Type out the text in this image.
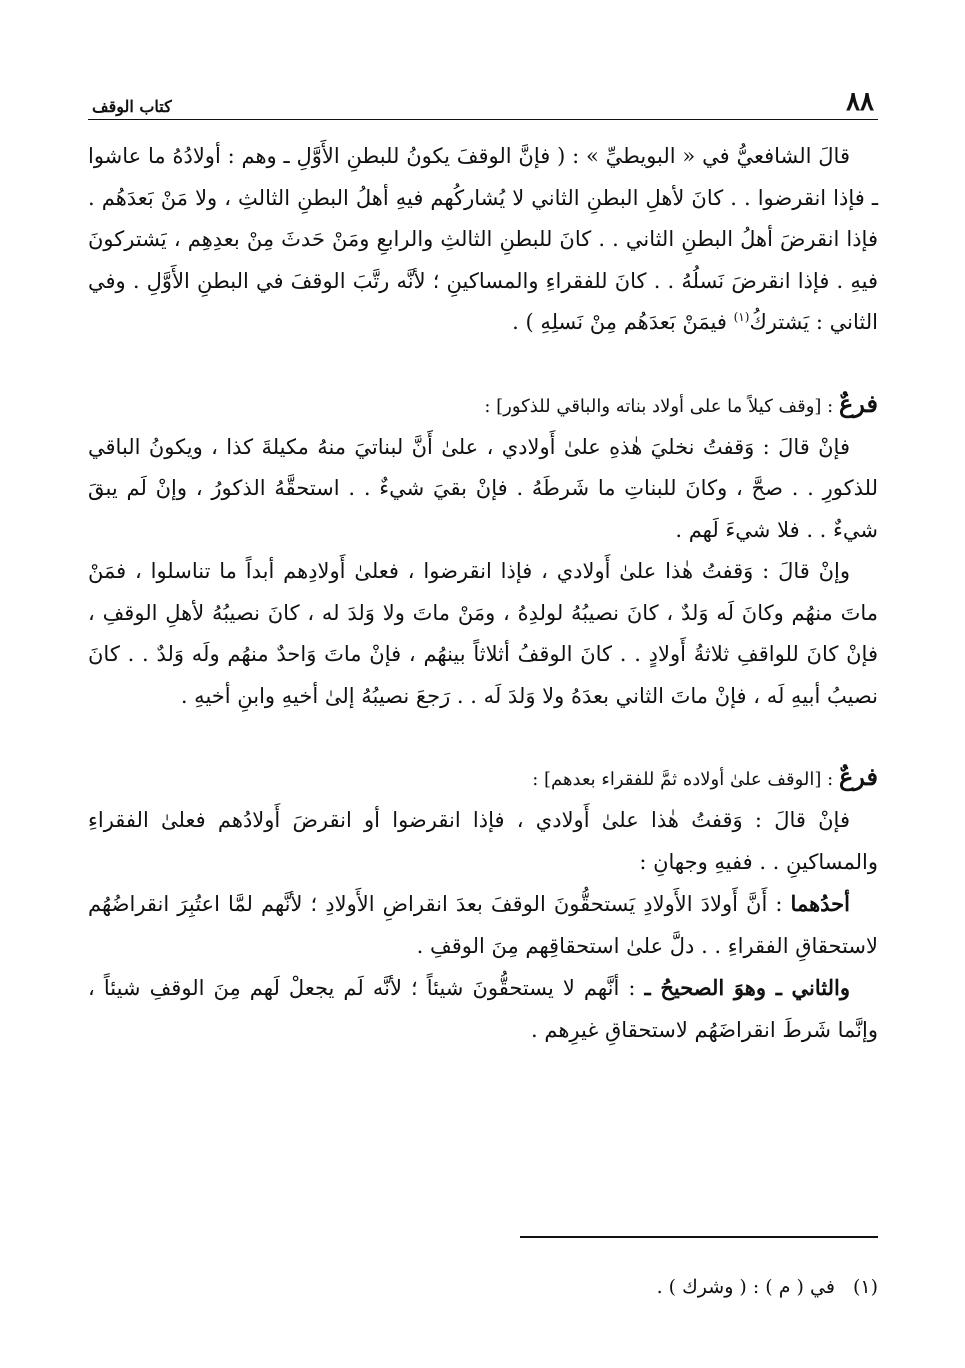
٨٨
كتاب الوقف

قالَ الشافعيُّ في « البويطيِّ » : ( فإنَّ الوقفَ يكونُ للبطنِ الأَوَّلِ ـ وهم : أولادُهُ ما عاشوا ـ فإذا انقرضوا . . كانَ لأهلِ البطنِ الثاني لا يُشاركُهم فيهِ أهلُ البطنِ الثالثِ ، ولا مَنْ بَعدَهُم . فإذا انقرضَ أهلُ البطنِ الثاني . . كانَ للبطنِ الثالثِ والرابعِ ومَنْ حَدثَ مِنْ بعدِهِم ، يَشتركونَ فيهِ . فإذا انقرضَ نَسلُهُ . . كانَ للفقراءِ والمساكينِ ؛ لأنَّه رتَّبَ الوقفَ في البطنِ الأَوَّلِ . وفي الثاني : يَشتركُ$^{(١)}$ فيمَنْ بَعدَهُم مِنْ نَسلِهِ ) .

فرعٌ : [وقف كيلاً ما على أولاد بناته والباقي للذكور] :

فإنْ قالَ : وَقفتُ نخليَ هٰذهِ علىٰ أَولادي ، علىٰ أَنَّ لبناتيَ منهُ مكيلةَ كذا ، ويكونُ الباقي للذكورِ . . صحَّ ، وكانَ للبناتِ ما شَرطَهُ . فإنْ بقيَ شيءٌ . . استحقَّهُ الذكورُ ، وإنْ لَم يبقَ شيءٌ . . فلا شيءَ لَهم .

وإنْ قالَ : وَقفتُ هٰذا علىٰ أَولادي ، فإذا انقرضوا ، فعلىٰ أَولادِهم أبداً ما تناسلوا ، فمَنْ ماتَ منهُم وكانَ لَه وَلدٌ ، كانَ نصيبُهُ لولدِهُ ، ومَنْ ماتَ ولا وَلدَ له ، كانَ نصيبُهُ لأهلِ الوقفِ ، فإنْ كانَ للواقفِ ثلاثةُ أَولادٍ . . كانَ الوقفُ أثلاثاً بينهُم ، فإنْ ماتَ وَاحدٌ منهُم ولَه وَلدٌ . . كانَ نصيبُ أبيهِ لَه ، فإنْ ماتَ الثاني بعدَهُ ولا وَلدَ لَه . . رَجعَ نصيبُهُ إلىٰ أخيهِ وابنِ أخيهِ .

فرعٌ : [الوقف علىٰ أولاده ثمَّ للفقراء بعدهم] :

فإنْ قالَ : وَقفتُ هٰذا علىٰ أَولادي ، فإذا انقرضوا أو انقرضَ أَولادُهم فعلىٰ الفقراءِ والمساكينِ . . ففيهِ وجهانِ :

أحدُهما : أَنَّ أَولادَ الأَولادِ يَستحقُّونَ الوقفَ بعدَ انقراضِ الأَولادِ ؛ لأنَّهم لمَّا اعتُبِرَ انقراضُهُم لاستحقاقِ الفقراءِ . . دلَّ علىٰ استحقاقِهم مِنَ الوقفِ .

والثاني ـ وهوَ الصحيحُ ـ : أنَّهم لا يستحقُّونَ شيئاً ؛ لأنَّه لَم يجعلْ لَهم مِنَ الوقفِ شيئاً ، وإنَّما شَرطَ انقراضَهُم لاستحقاقِ غيرِهم .

(١)في ( م ) : ( وشرك ) .
